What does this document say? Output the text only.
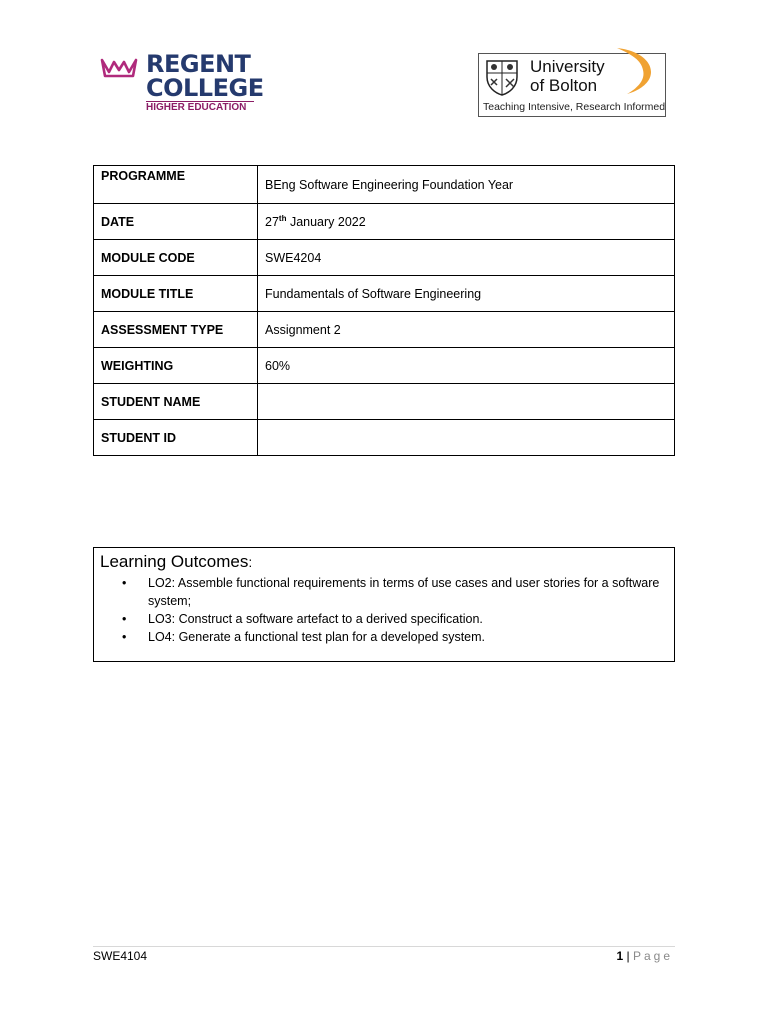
REGENT
COLLEGE
HIGHER EDUCATION
University
of Bolton
Teaching Intensive, Research Informed
PROGRAMME	BEng Software Engineering Foundation Year
DATE	27th January 2022
MODULE CODE	SWE4204
MODULE TITLE	Fundamentals of Software Engineering
ASSESSMENT TYPE	Assignment 2
WEIGHTING	60%
STUDENT NAME	
STUDENT ID	
Learning Outcomes:
• LO2: Assemble functional requirements in terms of use cases and user stories for a software system;
• LO3: Construct a software artefact to a derived specification.
• LO4: Generate a functional test plan for a developed system.
SWE4104	1 | Page
